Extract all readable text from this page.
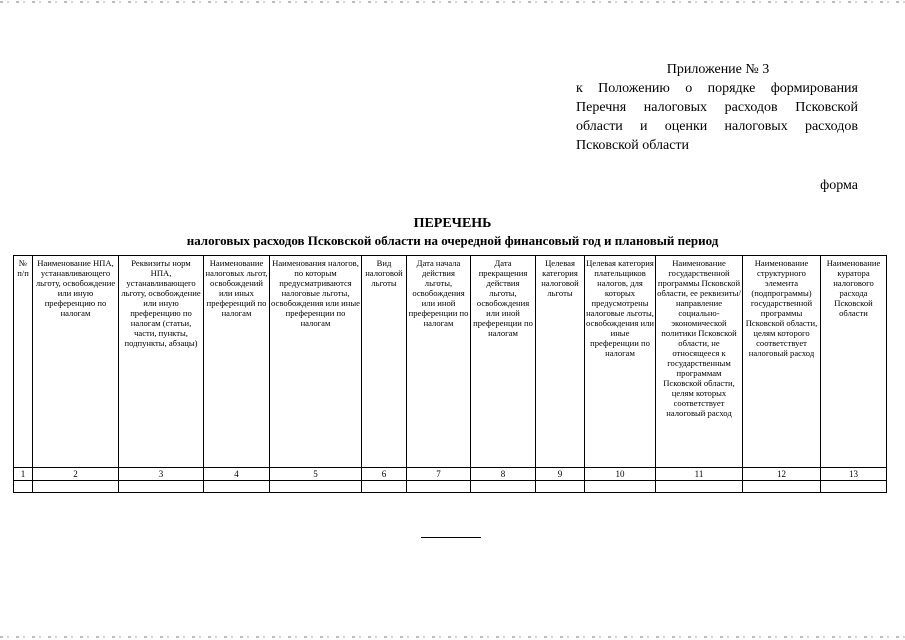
Приложение № 3
к Положению о порядке формирования
Перечня налоговых расходов Псковской
области и оценки налоговых расходов
Псковской области
форма
ПЕРЕЧЕНЬ
налоговых расходов Псковской области на очередной финансовый год и плановый период
№ п/п	Наименование НПА, устанавливающего льготу, освобождение или иную преференцию по налогам	Реквизиты норм НПА, устанавливающего льготу, освобождение или иную преференцию по налогам (статьи, части, пункты, подпункты, абзацы)	Наименование налоговых льгот, освобождений или иных преференций по налогам	Наименования налогов, по которым предусматриваются налоговые льготы, освобождения или иные преференции по налогам	Вид налоговой льготы	Дата начала действия льготы, освобождения или иной преференции по налогам	Дата прекращения действия льготы, освобождения или иной преференции по налогам	Целевая категория налоговой льготы	Целевая категория плательщиков налогов, для которых предусмотрены налоговые льготы, освобождения или иные преференции по налогам	Наименование государственной программы Псковской области, ее реквизиты/ направление социально-экономической политики Псковской области, не относящееся к государственным программам Псковской области, целям которых соответствует налоговый расход	Наименование структурного элемента (подпрограммы) государственной программы Псковской области, целям которого соответствует налоговый расход	Наименование куратора налогового расхода Псковской области
1	2	3	4	5	6	7	8	9	10	11	12	13
